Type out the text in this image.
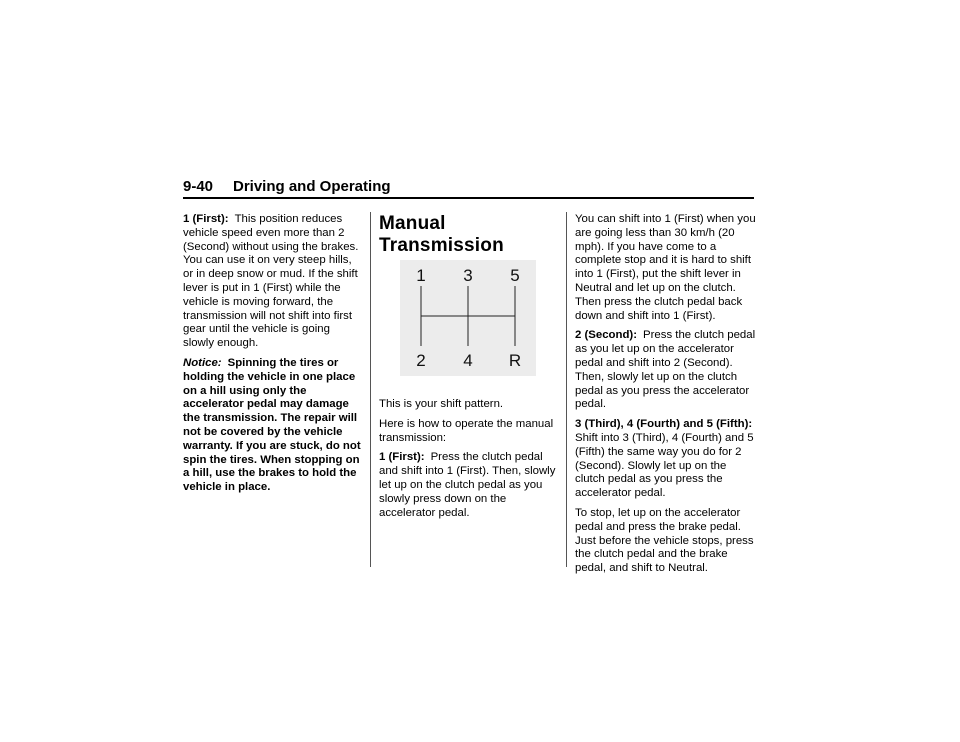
9-40 Driving and Operating

1 (First): This position reduces vehicle speed even more than 2 (Second) without using the brakes. You can use it on very steep hills, or in deep snow or mud. If the shift lever is put in 1 (First) while the vehicle is moving forward, the transmission will not shift into first gear until the vehicle is going slowly enough.

Notice: Spinning the tires or holding the vehicle in one place on a hill using only the accelerator pedal may damage the transmission. The repair will not be covered by the vehicle warranty. If you are stuck, do not spin the tires. When stopping on a hill, use the brakes to hold the vehicle in place.

Manual Transmission
1 3 5
2 4 R

This is your shift pattern.

Here is how to operate the manual transmission:

1 (First): Press the clutch pedal and shift into 1 (First). Then, slowly let up on the clutch pedal as you slowly press down on the accelerator pedal.

You can shift into 1 (First) when you are going less than 30 km/h (20 mph). If you have come to a complete stop and it is hard to shift into 1 (First), put the shift lever in Neutral and let up on the clutch. Then press the clutch pedal back down and shift into 1 (First).

2 (Second): Press the clutch pedal as you let up on the accelerator pedal and shift into 2 (Second). Then, slowly let up on the clutch pedal as you press the accelerator pedal.

3 (Third), 4 (Fourth) and 5 (Fifth):
Shift into 3 (Third), 4 (Fourth) and 5 (Fifth) the same way you do for 2 (Second). Slowly let up on the clutch pedal as you press the accelerator pedal.

To stop, let up on the accelerator pedal and press the brake pedal. Just before the vehicle stops, press the clutch pedal and the brake pedal, and shift to Neutral.
